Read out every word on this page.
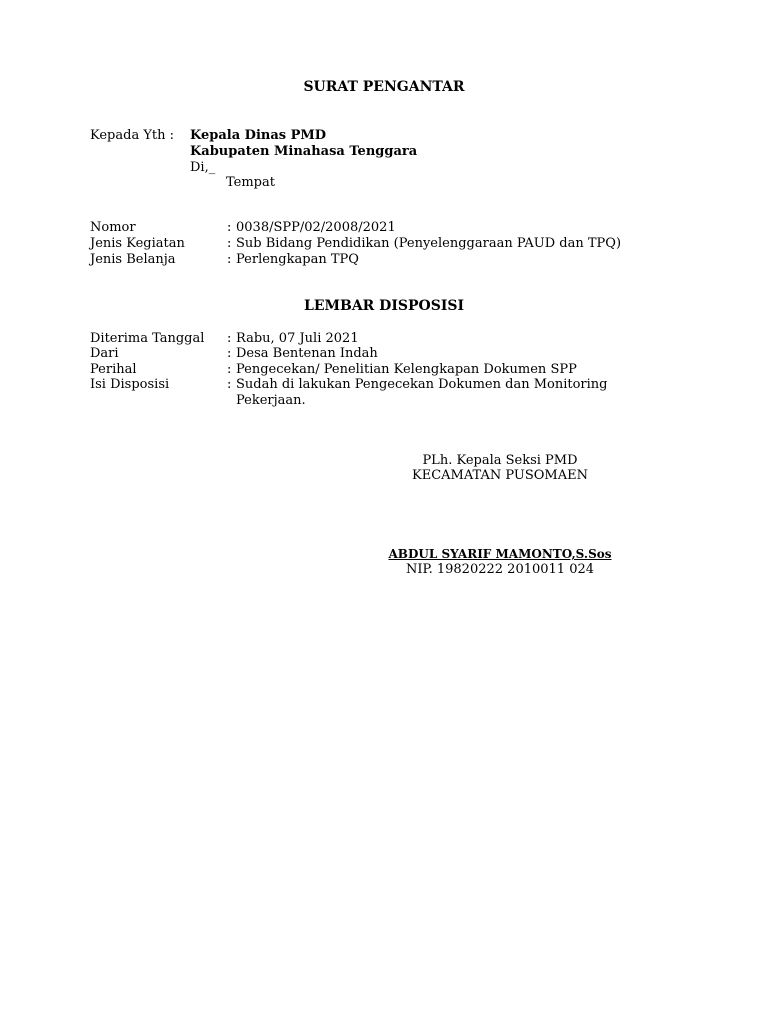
SURAT PENGANTAR
Kepada Yth : Kepala Dinas PMD
Kabupaten Minahasa Tenggara
Di,_
Tempat
Nomor	: 0038/SPP/02/2008/2021
Jenis Kegiatan	: Sub Bidang Pendidikan (Penyelenggaraan PAUD dan TPQ)
Jenis Belanja	: Perlengkapan TPQ
LEMBAR DISPOSISI
Diterima Tanggal : Rabu, 07 Juli 2021
Dari	: Desa Bentenan Indah
Perihal	: Pengecekan/ Penelitian Kelengkapan Dokumen SPP
Isi Disposisi	: Sudah di lakukan Pengecekan Dokumen dan Monitoring
Pekerjaan.
PLh. Kepala Seksi PMD
KECAMATAN PUSOMAEN
ABDUL SYARIF MAMONTO,S.Sos
NIP. 19820222 2010011 024
